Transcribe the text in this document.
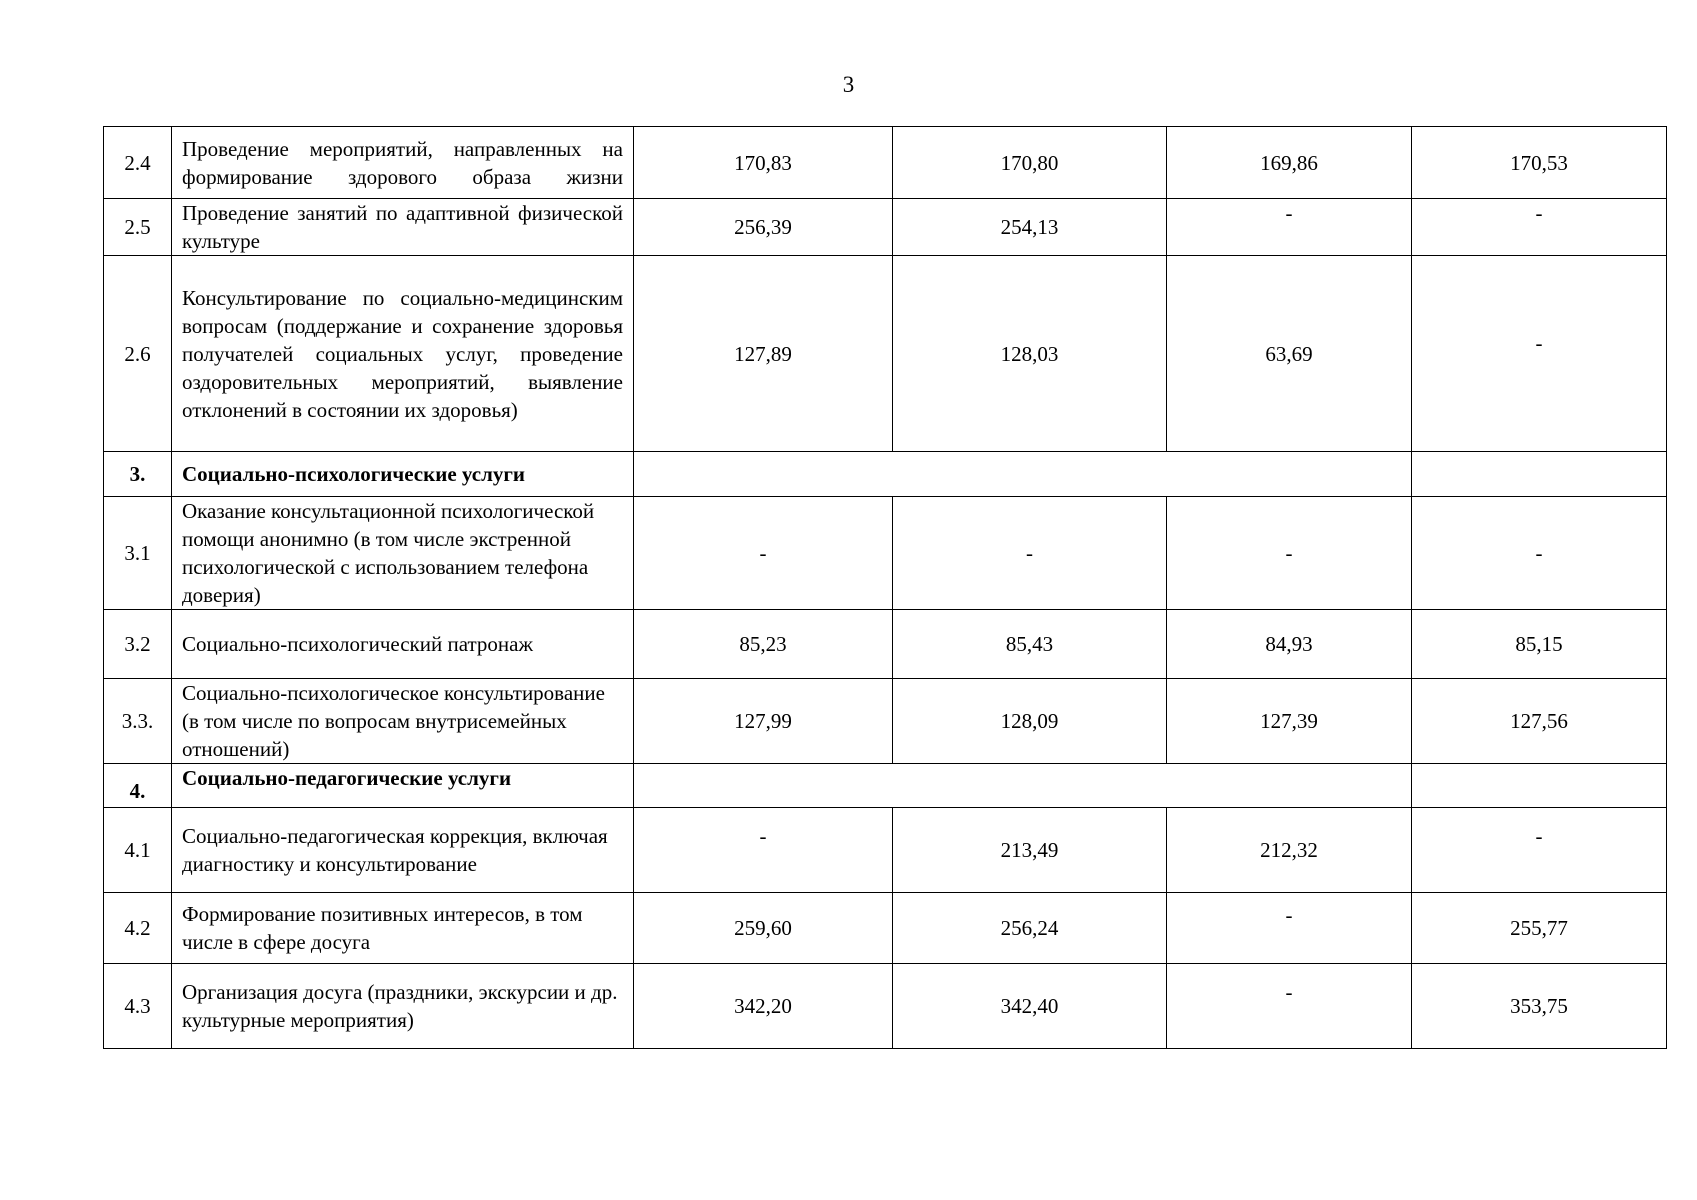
3
2.4	Проведение мероприятий, направленных на формирование здорового образа жизни	170,83	170,80	169,86	170,53
2.5	Проведение занятий по адаптивной физической культуре	256,39	254,13	-	-
2.6	Консультирование по социально-медицинским вопросам (поддержание и сохранение здоровья получателей социальных услуг, проведение оздоровительных мероприятий, выявление отклонений в состоянии их здоровья)	127,89	128,03	63,69	-
3.	Социально-психологические услуги				
3.1	Оказание консультационной психологической помощи анонимно (в том числе экстренной психологической с использованием телефона доверия)	-	-	-	-
3.2	Социально-психологический патронаж	85,23	85,43	84,93	85,15
3.3.	Социально-психологическое консультирование (в том числе по вопросам внутрисемейных отношений)	127,99	128,09	127,39	127,56
4.	Социально-педагогические услуги				
4.1	Социально-педагогическая коррекция, включая диагностику и консультирование	-	213,49	212,32	-
4.2	Формирование позитивных интересов, в том числе в сфере досуга	259,60	256,24	-	255,77
4.3	Организация досуга (праздники, экскурсии и др. культурные мероприятия)	342,20	342,40	-	353,75
